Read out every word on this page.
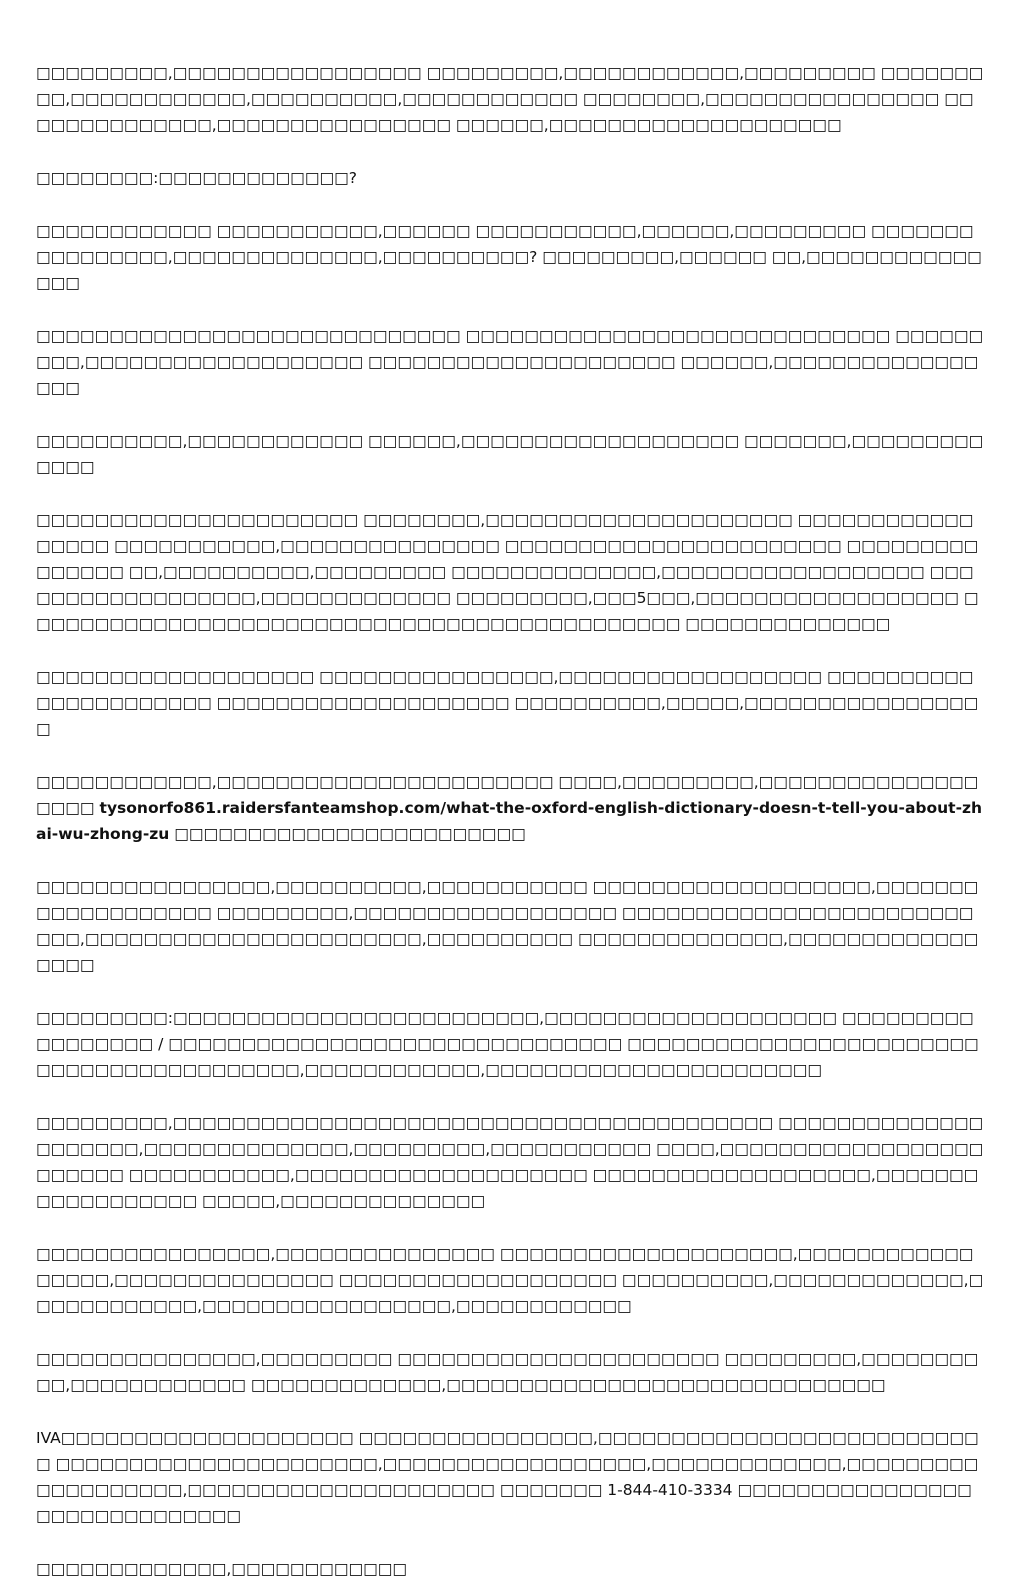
□□□□□□□□□,□□□□□□□□□□□□□□□□□ □□□□□□□□□,□□□□□□□□□□□□,□□□□□□□□□ □□□□□□□□□,□□□□□□□□□□□□,□□□□□□□□□□,□□□□□□□□□□□□ □□□□□□□□,□□□□□□□□□□□□□□□□ □□□□□□□□□□□□□□,□□□□□□□□□□□□□□□□ □□□□□□,□□□□□□□□□□□□□□□□□□□□

□□□□□□□□:□□□□□□□□□□□□□?

□□□□□□□□□□□□ □□□□□□□□□□□,□□□□□□ □□□□□□□□□□□,□□□□□□,□□□□□□□□□ □□□□□□□□□□□□□□□□,□□□□□□□□□□□□□□,□□□□□□□□□□? □□□□□□□□□,□□□□□□ □□,□□□□□□□□□□□□□□□

□□□□□□□□□□□□□□□□□□□□□□□□□□□□□ □□□□□□□□□□□□□□□□□□□□□□□□□□□□□ □□□□□□□□□,□□□□□□□□□□□□□□□□□□□ □□□□□□□□□□□□□□□□□□□□□ □□□□□□,□□□□□□□□□□□□□□□□□

□□□□□□□□□□,□□□□□□□□□□□□ □□□□□□,□□□□□□□□□□□□□□□□□□□ □□□□□□□,□□□□□□□□□□□□□

□□□□□□□□□□□□□□□□□□□□□□ □□□□□□□□,□□□□□□□□□□□□□□□□□□□□□ □□□□□□□□□□□□□□□□□ □□□□□□□□□□□,□□□□□□□□□□□□□□□ □□□□□□□□□□□□□□□□□□□□□□□ □□□□□□□□□□□□□□□ □□,□□□□□□□□□□,□□□□□□□□□ □□□□□□□□□□□□□□,□□□□□□□□□□□□□□□□□□ □□□□□□□□□□□□□□□□□□,□□□□□□□□□□□□□ □□□□□□□□□,□□□5□□□,□□□□□□□□□□□□□□□□□□ □□□□□□□□□□□□□□□□□□□□□□□□□□□□□□□□□□□□□□□□□□□□□ □□□□□□□□□□□□□□

□□□□□□□□□□□□□□□□□□□ □□□□□□□□□□□□□□□□,□□□□□□□□□□□□□□□□□□ □□□□□□□□□□□□□□□□□□□□□□ □□□□□□□□□□□□□□□□□□□□ □□□□□□□□□□,□□□□□,□□□□□□□□□□□□□□□□□

□□□□□□□□□□□□,□□□□□□□□□□□□□□□□□□□□□□□ □□□□,□□□□□□□□□,□□□□□□□□□□□□□□□□□□□ tysonorfo861.raidersfanteamshop.com/what-the-oxford-english-dictionary-doesn-t-tell-you-about-zhai-wu-zhong-zu □□□□□□□□□□□□□□□□□□□□□□□□

□□□□□□□□□□□□□□□□,□□□□□□□□□□,□□□□□□□□□□□ □□□□□□□□□□□□□□□□□□□,□□□□□□□□□□□□□□□□□□□ □□□□□□□□□,□□□□□□□□□□□□□□□□□□ □□□□□□□□□□□□□□□□□□□□□□□□□□□,□□□□□□□□□□□□□□□□□□□□□□□,□□□□□□□□□□ □□□□□□□□□□□□□□,□□□□□□□□□□□□□□□□□

□□□□□□□□□:□□□□□□□□□□□□□□□□□□□□□□□□□,□□□□□□□□□□□□□□□□□□□□ □□□□□□□□□□□□□□□□□ / □□□□□□□□□□□□□□□□□□□□□□□□□□□□□□□ □□□□□□□□□□□□□□□□□□□□□□□□□□□□□□□□□□□□□□□□□□,□□□□□□□□□□□□,□□□□□□□□□□□□□□□□□□□□□□□

□□□□□□□□□,□□□□□□□□□□□□□□□□□□□□□□□□□□□□□□□□□□□□□□□□□ □□□□□□□□□□□□□□□□□□□□□,□□□□□□□□□□□□□□,□□□□□□□□□,□□□□□□□□□□□ □□□□,□□□□□□□□□□□□□□□□□□□□□□□□ □□□□□□□□□□□,□□□□□□□□□□□□□□□□□□□□ □□□□□□□□□□□□□□□□□□□,□□□□□□□□□□□□□□□□□□ □□□□□,□□□□□□□□□□□□□□

□□□□□□□□□□□□□□□□,□□□□□□□□□□□□□□□ □□□□□□□□□□□□□□□□□□□□,□□□□□□□□□□□□□□□□□,□□□□□□□□□□□□□□□ □□□□□□□□□□□□□□□□□□□ □□□□□□□□□□,□□□□□□□□□□□□□,□□□□□□□□□□□□,□□□□□□□□□□□□□□□□□,□□□□□□□□□□□□

□□□□□□□□□□□□□□□,□□□□□□□□□ □□□□□□□□□□□□□□□□□□□□□□ □□□□□□□□□,□□□□□□□□□□,□□□□□□□□□□□□ □□□□□□□□□□□□□,□□□□□□□□□□□□□□□□□□□□□□□□□□□□□□

IVA□□□□□□□□□□□□□□□□□□□□ □□□□□□□□□□□□□□□□,□□□□□□□□□□□□□□□□□□□□□□□□□□□ □□□□□□□□□□□□□□□□□□□□□□,□□□□□□□□□□□□□□□□□□,□□□□□□□□□□□□□,□□□□□□□□□□□□□□□□□□□,□□□□□□□□□□□□□□□□□□□□□ □□□□□□□ 1-844-410-3334 □□□□□□□□□□□□□□□□□□□□□□□□□□□□□□

□□□□□□□□□□□□□,□□□□□□□□□□□□
